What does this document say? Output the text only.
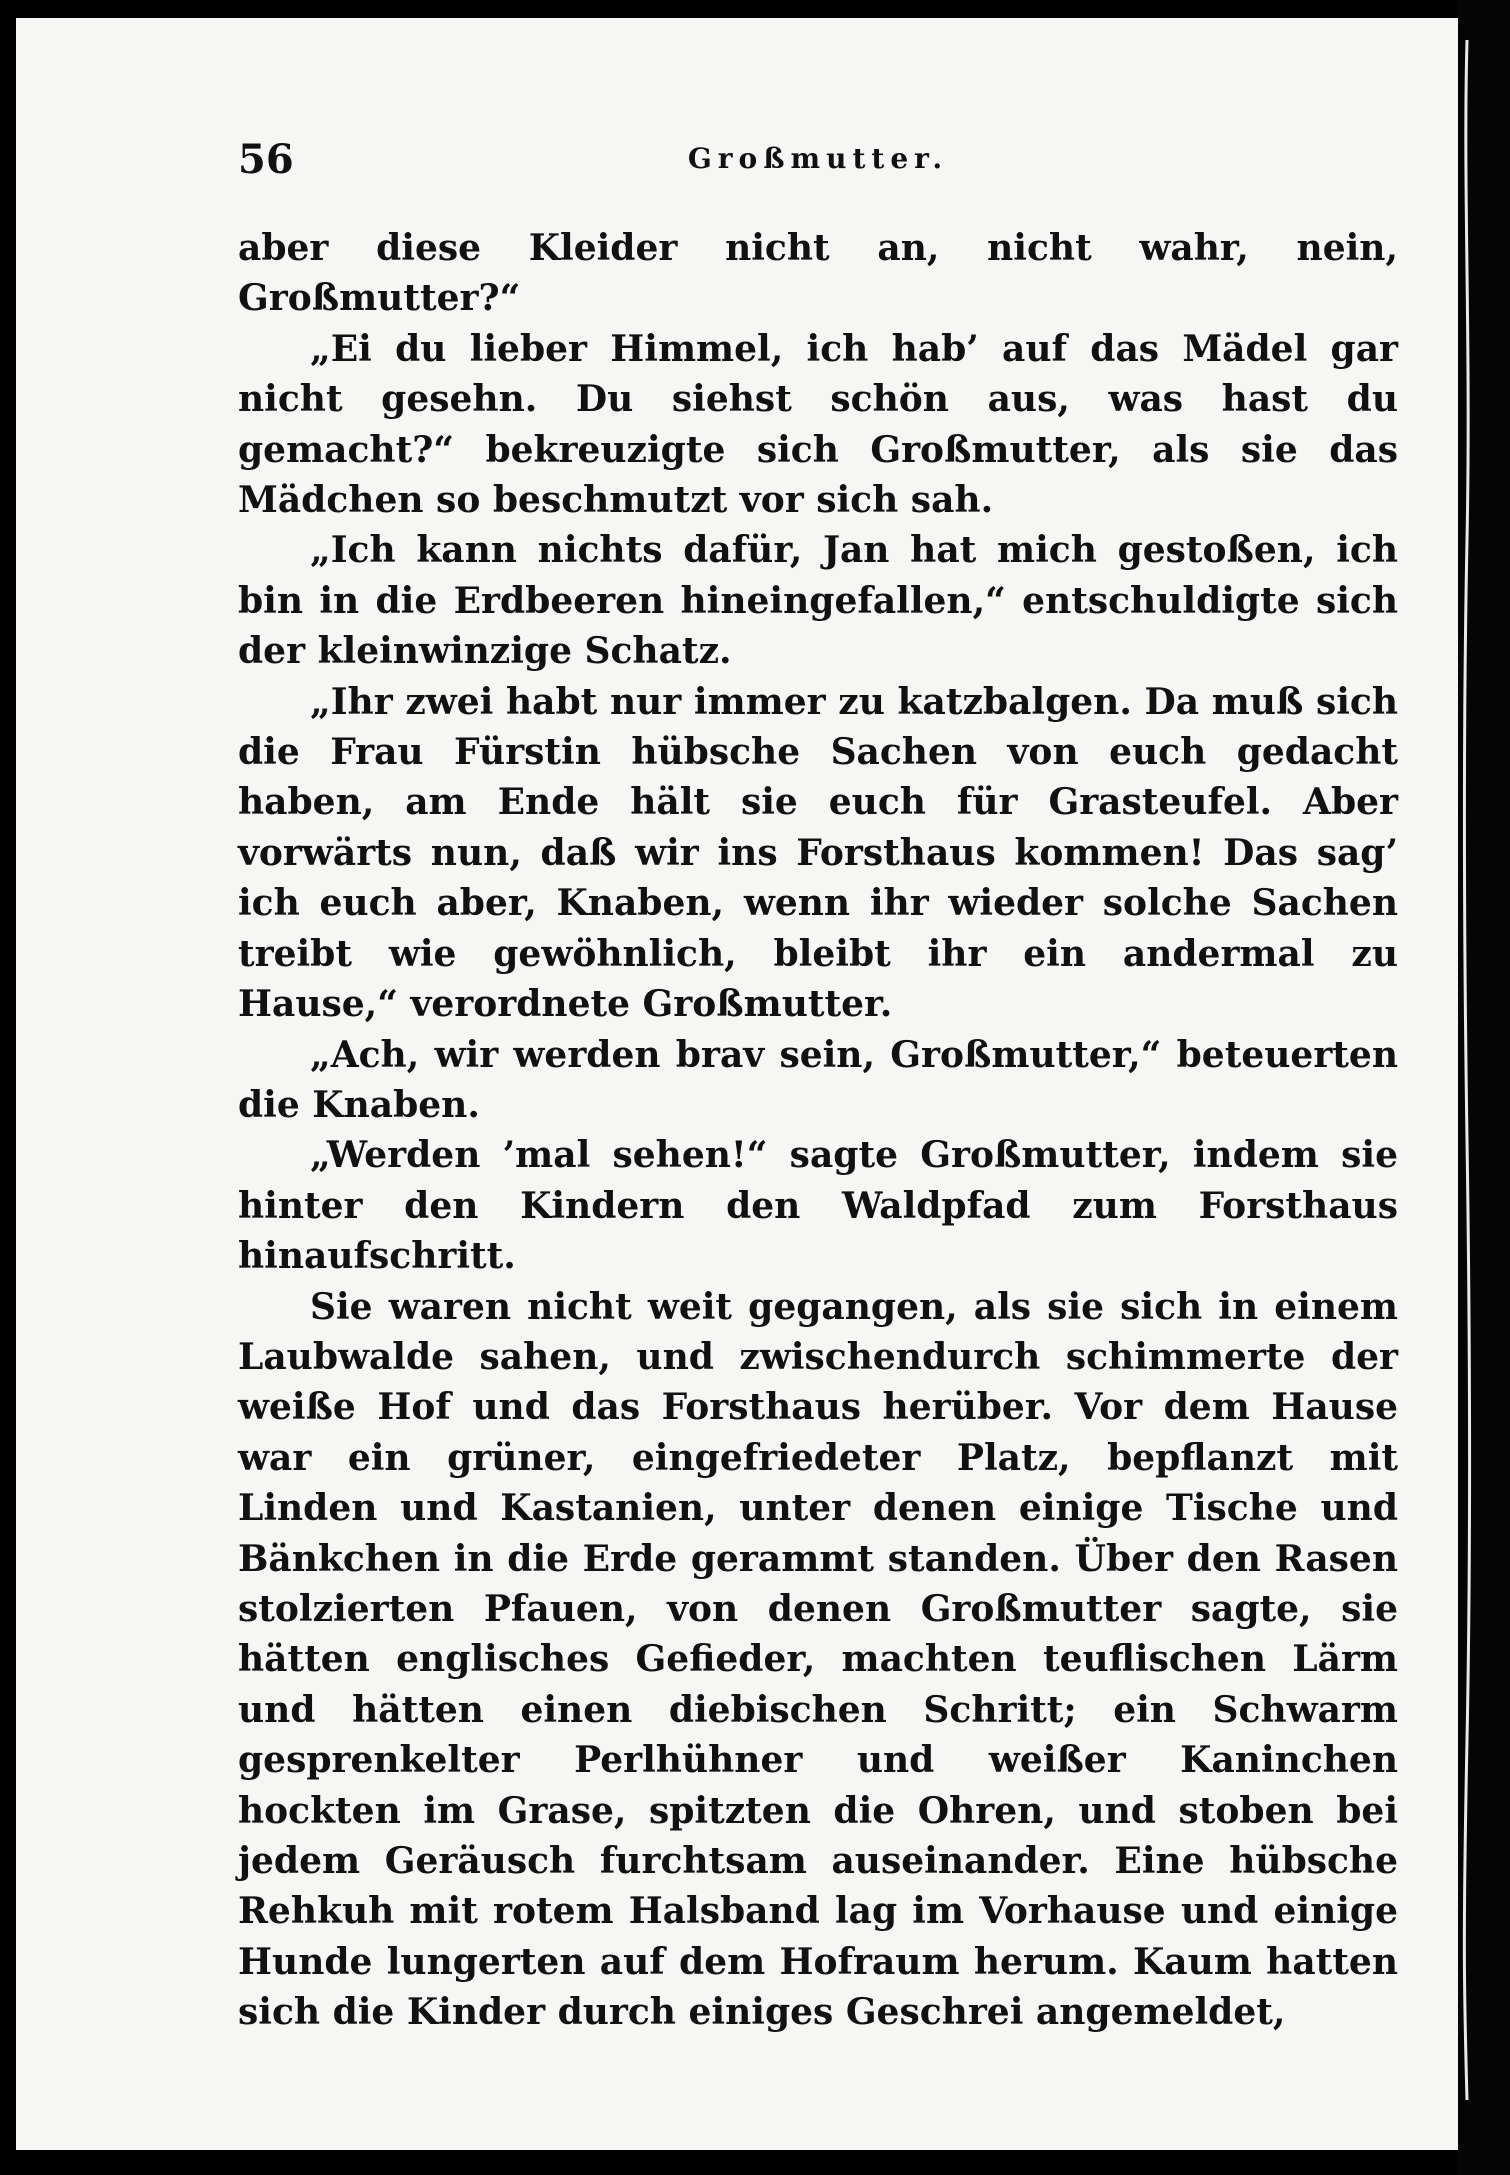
56	Großmutter.

aber diese Kleider nicht an, nicht wahr, nein, Großmutter?“

„Ei du lieber Himmel, ich hab’ auf das Mädel gar nicht gesehn. Du siehst schön aus, was hast du gemacht?“ bekreuzigte sich Großmutter, als sie das Mädchen so beschmutzt vor sich sah.

„Ich kann nichts dafür, Jan hat mich gestoßen, ich bin in die Erdbeeren hineingefallen,“ entschuldigte sich der kleinwinzige Schatz.

„Ihr zwei habt nur immer zu katzbalgen. Da muß sich die Frau Fürstin hübsche Sachen von euch gedacht haben, am Ende hält sie euch für Grasteufel. Aber vorwärts nun, daß wir ins Forsthaus kommen! Das sag’ ich euch aber, Knaben, wenn ihr wieder solche Sachen treibt wie gewöhnlich, bleibt ihr ein andermal zu Hause,“ verordnete Großmutter.

„Ach, wir werden brav sein, Großmutter,“ beteuerten die Knaben.

„Werden ’mal sehen!“ sagte Großmutter, indem sie hinter den Kindern den Waldpfad zum Forsthaus hinaufschritt.

Sie waren nicht weit gegangen, als sie sich in einem Laubwalde sahen, und zwischendurch schimmerte der weiße Hof und das Forsthaus herüber. Vor dem Hause war ein grüner, eingefriedeter Platz, bepflanzt mit Linden und Kastanien, unter denen einige Tische und Bänkchen in die Erde gerammt standen. Über den Rasen stolzierten Pfauen, von denen Großmutter sagte, sie hätten englisches Gefieder, machten teuflischen Lärm und hätten einen diebischen Schritt; ein Schwarm gesprenkelter Perlhühner und weißer Kaninchen hockten im Grase, spitzten die Ohren, und stoben bei jedem Geräusch furchtsam auseinander. Eine hübsche Rehkuh mit rotem Halsband lag im Vorhause und einige Hunde lungerten auf dem Hofraum herum. Kaum hatten sich die Kinder durch einiges Geschrei angemeldet,
